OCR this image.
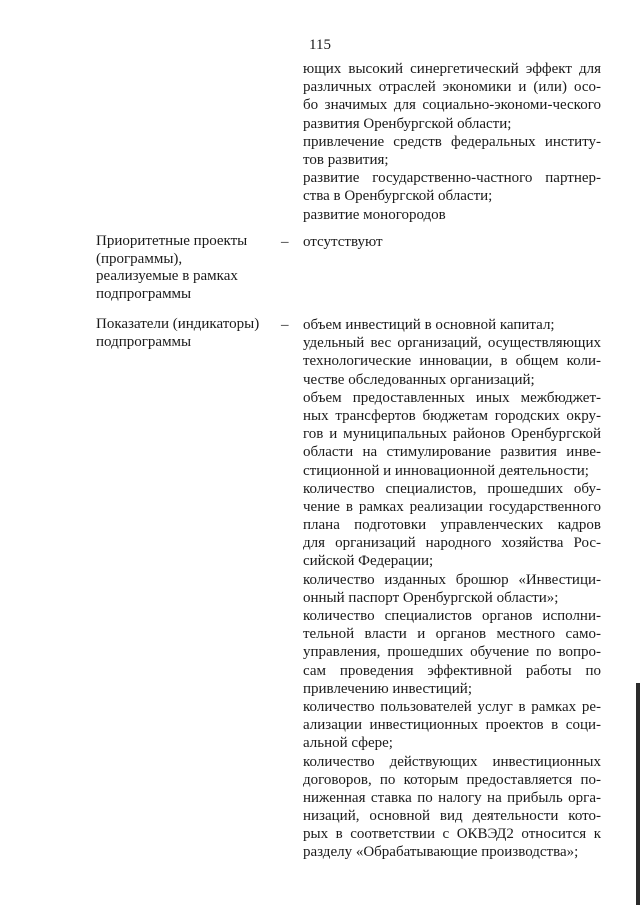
115
ющих высокий синергетический эффект для
различных отраслей экономики и (или) осо-
бо значимых для социально-экономи-ческого
развития Оренбургской области;
привлечение средств федеральных институ-
тов развития;
развитие государственно-частного партнер-
ства в Оренбургской области;
развитие моногородов
Приоритетные проекты
(программы),
реализуемые в рамках
подпрограммы
– отсутствуют
Показатели (индикаторы)
подпрограммы
– объем инвестиций в основной капитал;
удельный вес организаций, осуществляющих
технологические инновации, в общем коли-
честве обследованных организаций;
объем предоставленных иных межбюджет-
ных трансфертов бюджетам городских окру-
гов и муниципальных районов Оренбургской
области на стимулирование развития инве-
стиционной и инновационной деятельности;
количество специалистов, прошедших обу-
чение в рамках реализации государственного
плана подготовки управленческих кадров
для организаций народного хозяйства Рос-
сийской Федерации;
количество изданных брошюр «Инвестици-
онный паспорт Оренбургской области»;
количество специалистов органов исполни-
тельной власти и органов местного само-
управления, прошедших обучение по вопро-
сам проведения эффективной работы по
привлечению инвестиций;
количество пользователей услуг в рамках ре-
ализации инвестиционных проектов в соци-
альной сфере;
количество действующих инвестиционных
договоров, по которым предоставляется по-
ниженная ставка по налогу на прибыль орга-
низаций, основной вид деятельности кото-
рых в соответствии с ОКВЭД2 относится к
разделу «Обрабатывающие производства»;
